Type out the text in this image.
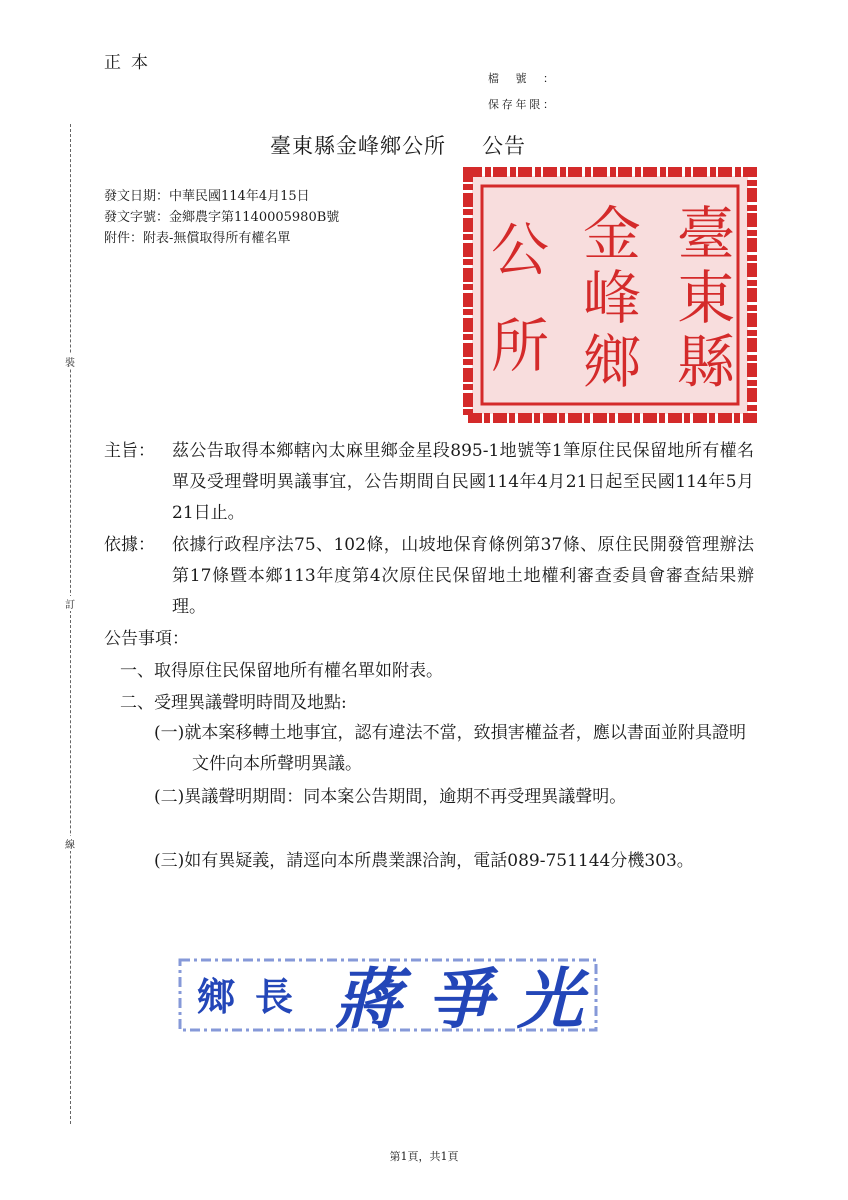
正本
檔號：
保存年限：
裝
訂
線
臺東縣金峰鄉公所 公告
發文日期：中華民國114年4月15日
發文字號：金鄉農字第1140005980B號
附件：附表-無償取得所有權名單	臺
東
縣
金
峰
鄉
公
所
主旨： 茲公告取得本鄉轄內太麻里鄉金星段895-1地號等1筆原住民保留地所有權名單及受理聲明異議事宜，公告期間自民國114年4月21日起至民國114年5月21日止。
依據： 依據行政程序法75、102條，山坡地保育條例第37條、原住民開發管理辦法第17條暨本鄉113年度第4次原住民保留地土地權利審查委員會審查結果辦理。
公告事項：
一、取得原住民保留地所有權名單如附表。
二、受理異議聲明時間及地點:
(一)就本案移轉土地事宜，認有違法不當，致損害權益者，應以書面並附具證明文件向本所聲明異議。
(二)異議聲明期間：同本案公告期間，逾期不再受理異議聲明。
(三)如有異疑義，請逕向本所農業課洽詢，電話089-751144分機303。
鄉 長 蔣 爭 光
第1頁，共1頁
